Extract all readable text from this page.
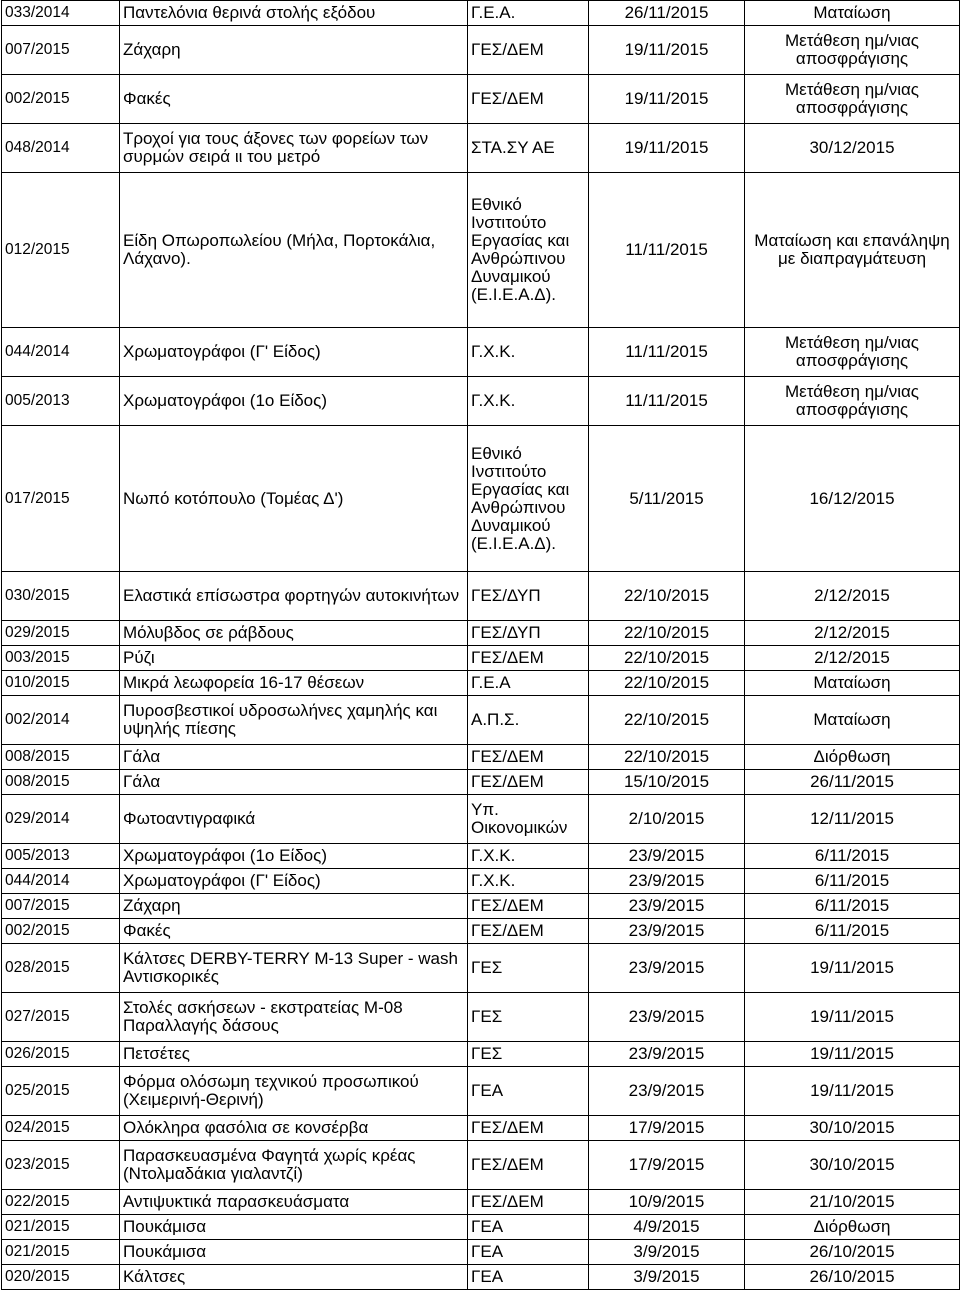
033/2014	Παντελόνια θερινά στολής εξόδου	Γ.Ε.Α.	26/11/2015	Ματαίωση
007/2015	Ζάχαρη	ΓΕΣ/ΔΕΜ	19/11/2015	Μετάθεση ημ/νιας αποσφράγισης
002/2015	Φακές	ΓΕΣ/ΔΕΜ	19/11/2015	Μετάθεση ημ/νιας αποσφράγισης
048/2014	Τροχοί για τους άξονες των φορείων των συρμών σειρά ιι του μετρό	ΣΤΑ.ΣΥ ΑΕ	19/11/2015	30/12/2015
012/2015	Είδη Οπωροπωλείου (Μήλα, Πορτοκάλια, Λάχανο).	Εθνικό Ινστιτούτο Εργασίας και Ανθρώπινου Δυναμικού (Ε.Ι.Ε.Α.Δ).	11/11/2015	Ματαίωση και επανάληψη με διαπραγμάτευση
044/2014	Χρωματογράφοι (Γ' Είδος)	Γ.Χ.Κ.	11/11/2015	Μετάθεση ημ/νιας αποσφράγισης
005/2013	Χρωματογράφοι (1ο Είδος)	Γ.Χ.Κ.	11/11/2015	Μετάθεση ημ/νιας αποσφράγισης
017/2015	Νωπό κοτόπουλο (Τομέας Δ')	Εθνικό Ινστιτούτο Εργασίας και Ανθρώπινου Δυναμικού (Ε.Ι.Ε.Α.Δ).	5/11/2015	16/12/2015
030/2015	Ελαστικά επίσωστρα φορτηγών αυτοκινήτων	ΓΕΣ/ΔΥΠ	22/10/2015	2/12/2015
029/2015	Μόλυβδος σε ράβδους	ΓΕΣ/ΔΥΠ	22/10/2015	2/12/2015
003/2015	Ρύζι	ΓΕΣ/ΔΕΜ	22/10/2015	2/12/2015
010/2015	Μικρά λεωφορεία 16-17 θέσεων	Γ.Ε.Α	22/10/2015	Ματαίωση
002/2014	Πυροσβεστικοί υδροσωλήνες χαμηλής και υψηλής πίεσης	Α.Π.Σ.	22/10/2015	Ματαίωση
008/2015	Γάλα	ΓΕΣ/ΔΕΜ	22/10/2015	Διόρθωση
008/2015	Γάλα	ΓΕΣ/ΔΕΜ	15/10/2015	26/11/2015
029/2014	Φωτοαντιγραφικά	Υπ. Οικονομικών	2/10/2015	12/11/2015
005/2013	Χρωματογράφοι (1ο Είδος)	Γ.Χ.Κ.	23/9/2015	6/11/2015
044/2014	Χρωματογράφοι (Γ' Είδος)	Γ.Χ.Κ.	23/9/2015	6/11/2015
007/2015	Ζάχαρη	ΓΕΣ/ΔΕΜ	23/9/2015	6/11/2015
002/2015	Φακές	ΓΕΣ/ΔΕΜ	23/9/2015	6/11/2015
028/2015	Κάλτσες DERBY-TERRY M-13 Super - wash Αντισκορικές	ΓΕΣ	23/9/2015	19/11/2015
027/2015	Στολές ασκήσεων - εκστρατείας Μ-08 Παραλλαγής δάσους	ΓΕΣ	23/9/2015	19/11/2015
026/2015	Πετσέτες	ΓΕΣ	23/9/2015	19/11/2015
025/2015	Φόρμα ολόσωμη τεχνικού προσωπικού (Χειμερινή-Θερινή)	ΓΕΑ	23/9/2015	19/11/2015
024/2015	Ολόκληρα φασόλια σε κονσέρβα	ΓΕΣ/ΔΕΜ	17/9/2015	30/10/2015
023/2015	Παρασκευασμένα Φαγητά χωρίς κρέας (Ντολμαδάκια γιαλαντζί)	ΓΕΣ/ΔΕΜ	17/9/2015	30/10/2015
022/2015	Αντιψυκτικά παρασκευάσματα	ΓΕΣ/ΔΕΜ	10/9/2015	21/10/2015
021/2015	Πουκάμισα	ΓΕΑ	4/9/2015	Διόρθωση
021/2015	Πουκάμισα	ΓΕΑ	3/9/2015	26/10/2015
020/2015	Κάλτσες	ΓΕΑ	3/9/2015	26/10/2015
